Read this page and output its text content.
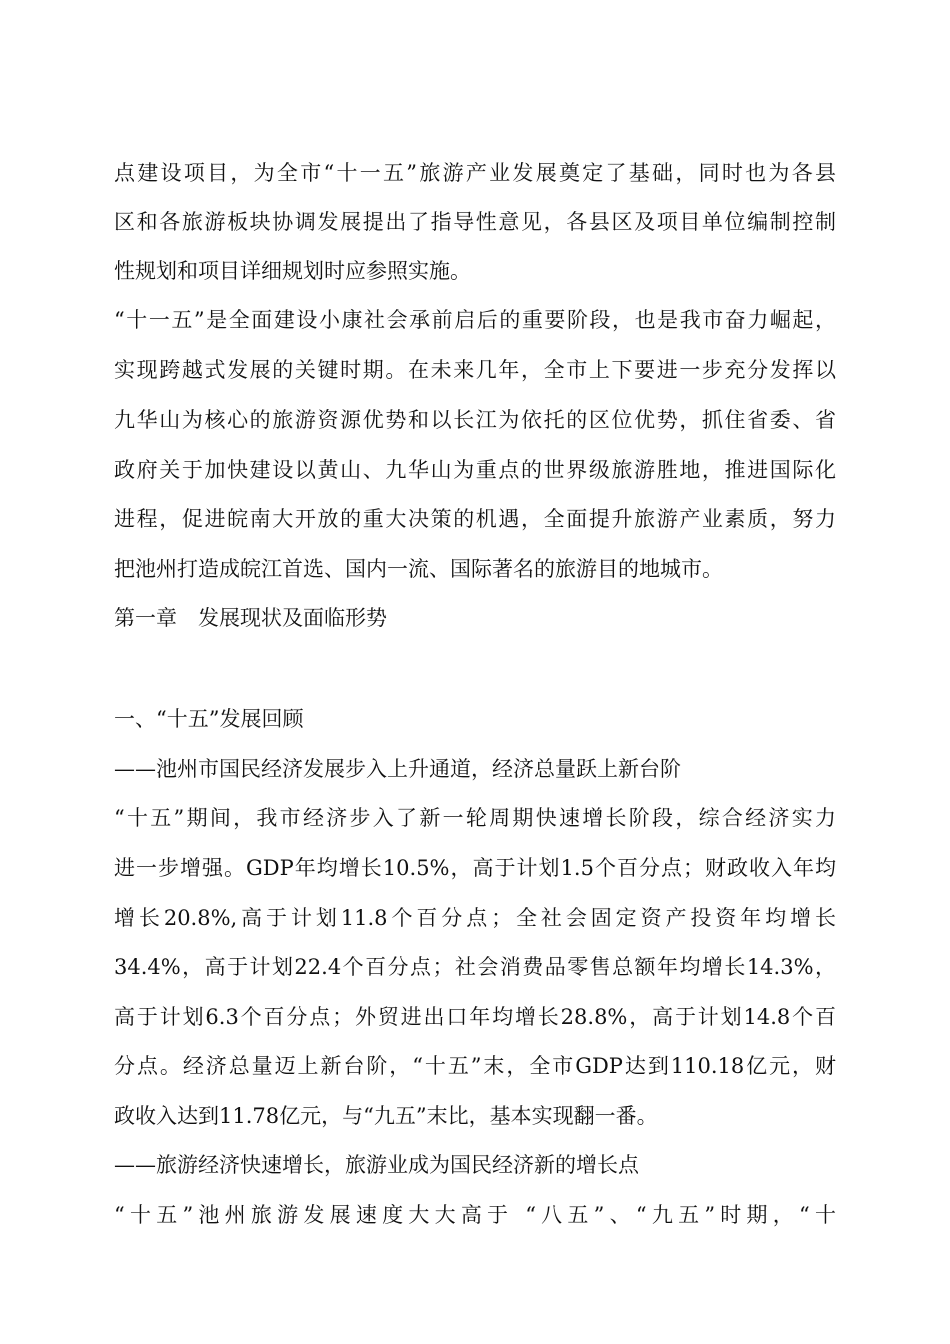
点建设项目，为全市“十一五”旅游产业发展奠定了基础，同时也为各县
区和各旅游板块协调发展提出了指导性意见，各县区及项目单位编制控制
性规划和项目详细规划时应参照实施。
“十一五”是全面建设小康社会承前启后的重要阶段，也是我市奋力崛起，
实现跨越式发展的关键时期。在未来几年，全市上下要进一步充分发挥以
九华山为核心的旅游资源优势和以长江为依托的区位优势，抓住省委、省
政府关于加快建设以黄山、九华山为重点的世界级旅游胜地，推进国际化
进程，促进皖南大开放的重大决策的机遇，全面提升旅游产业素质，努力
把池州打造成皖江首选、国内一流、国际著名的旅游目的地城市。
第一章　发展现状及面临形势
一、“十五”发展回顾
——池州市国民经济发展步入上升通道，经济总量跃上新台阶
“十五”期间，我市经济步入了新一轮周期快速增长阶段，综合经济实力
进一步增强。GDP年均增长10.5%，高于计划1.5个百分点；财政收入年均
增长20.8%,高于计划11.8个百分点；全社会固定资产投资年均增长
34.4%，高于计划22.4个百分点；社会消费品零售总额年均增长14.3%，
高于计划6.3个百分点；外贸进出口年均增长28.8%，高于计划14.8个百
分点。经济总量迈上新台阶，“十五”末，全市GDP达到110.18亿元，财
政收入达到11.78亿元，与“九五”末比，基本实现翻一番。
——旅游经济快速增长，旅游业成为国民经济新的增长点
“十五”池州旅游发展速度大大高于 “八五”、“九五”时期，“十
